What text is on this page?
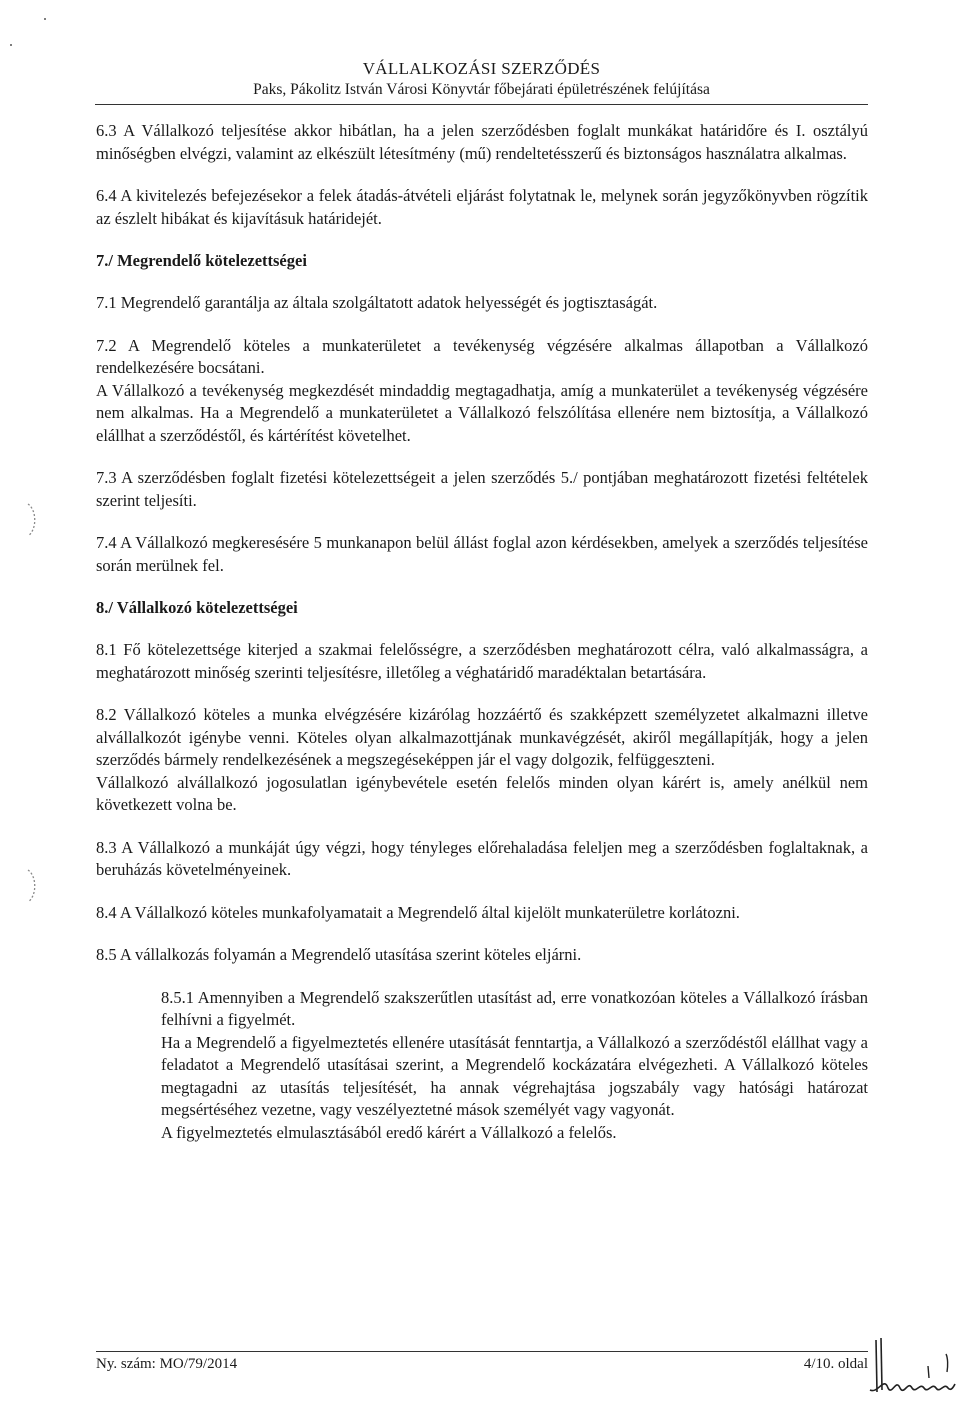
VÁLLALKOZÁSI SZERZŐDÉS
Paks, Pákolitz István Városi Könyvtár főbejárati épületrészének felújítása

6.3 A Vállalkozó teljesítése akkor hibátlan, ha a jelen szerződésben foglalt munkákat határidőre és I. osztályú minőségben elvégzi, valamint az elkészült létesítmény (mű) rendeltetésszerű és biztonságos használatra alkalmas.

6.4 A kivitelezés befejezésekor a felek átadás-átvételi eljárást folytatnak le, melynek során jegyzőkönyvben rögzítik az észlelt hibákat és kijavításuk határidejét.

7./ Megrendelő kötelezettségei

7.1 Megrendelő garantálja az általa szolgáltatott adatok helyességét és jogtisztaságát.

7.2 A Megrendelő köteles a munkaterületet a tevékenység végzésére alkalmas állapotban a Vállalkozó rendelkezésére bocsátani.

A Vállalkozó a tevékenység megkezdését mindaddig megtagadhatja, amíg a munkaterület a tevékenység végzésére nem alkalmas. Ha a Megrendelő a munkaterületet a Vállalkozó felszólítása ellenére nem biztosítja, a Vállalkozó elállhat a szerződéstől, és kártérítést követelhet.

7.3 A szerződésben foglalt fizetési kötelezettségeit a jelen szerződés 5./ pontjában meghatározott fizetési feltételek szerint teljesíti.

7.4 A Vállalkozó megkeresésére 5 munkanapon belül állást foglal azon kérdésekben, amelyek a szerződés teljesítése során merülnek fel.

8./ Vállalkozó kötelezettségei

8.1 Fő kötelezettsége kiterjed a szakmai felelősségre, a szerződésben meghatározott célra, való alkalmasságra, a meghatározott minőség szerinti teljesítésre, illetőleg a véghatáridő maradéktalan betartására.

8.2 Vállalkozó köteles a munka elvégzésére kizárólag hozzáértő és szakképzett személyzetet alkalmazni illetve alvállalkozót igénybe venni. Köteles olyan alkalmazottjának munkavégzését, akiről megállapítják, hogy a jelen szerződés bármely rendelkezésének a megszegéseképpen jár el vagy dolgozik, felfüggeszteni.

Vállalkozó alvállalkozó jogosulatlan igénybevétele esetén felelős minden olyan kárért is, amely anélkül nem következett volna be.

8.3 A Vállalkozó a munkáját úgy végzi, hogy tényleges előrehaladása feleljen meg a szerződésben foglaltaknak, a beruházás követelményeinek.

8.4 A Vállalkozó köteles munkafolyamatait a Megrendelő által kijelölt munkaterületre korlátozni.

8.5 A vállalkozás folyamán a Megrendelő utasítása szerint köteles eljárni.

8.5.1 Amennyiben a Megrendelő szakszerűtlen utasítást ad, erre vonatkozóan köteles a Vállalkozó írásban felhívni a figyelmét.

Ha a Megrendelő a figyelmeztetés ellenére utasítását fenntartja, a Vállalkozó a szerződéstől elállhat vagy a feladatot a Megrendelő utasításai szerint, a Megrendelő kockázatára elvégezheti. A Vállalkozó köteles megtagadni az utasítás teljesítését, ha annak végrehajtása jogszabály vagy hatósági határozat megsértéséhez vezetne, vagy veszélyeztetné mások személyét vagy vagyonát.

A figyelmeztetés elmulasztásából eredő kárért a Vállalkozó a felelős.

Ny. szám: MO/79/2014	4/10. oldal
